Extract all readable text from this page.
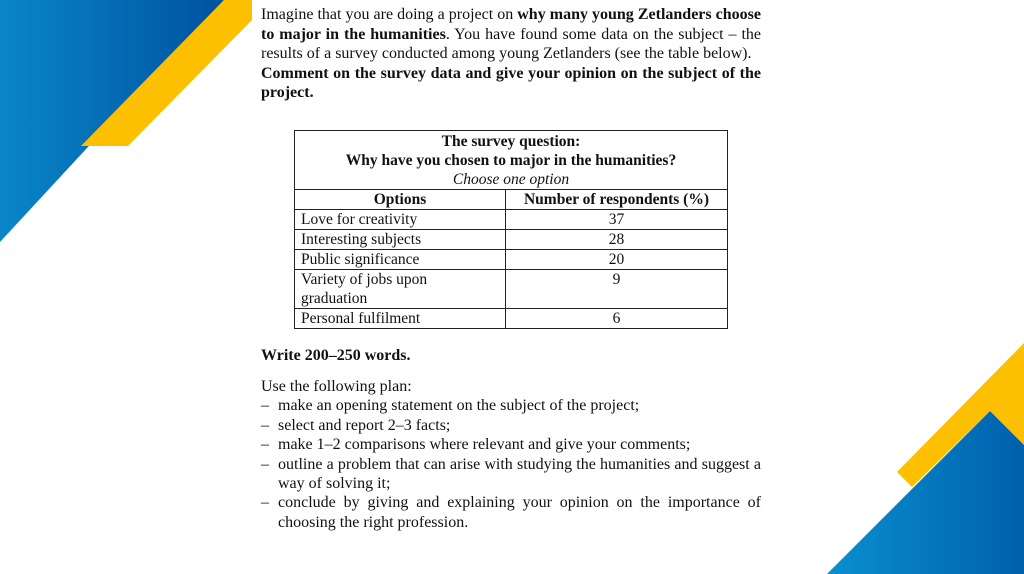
Imagine that you are doing a project on why many young Zetlanders choose to major in the humanities. You have found some data on the subject – the results of a survey conducted among young Zetlanders (see the table below).

Comment on the survey data and give your opinion on the subject of the project.

The survey question:
Why have you chosen to major in the humanities?
Choose one option	
Options	Number of respondents (%)
Love for creativity	37
Interesting subjects	28
Public significance	20
Variety of jobs upon graduation	9
Personal fulfilment	6
Write 200–250 words.
Use the following plan:
– make an opening statement on the subject of the project;
– select and report 2–3 facts;
– make 1–2 comparisons where relevant and give your comments;
– outline a problem that can arise with studying the humanities and suggest a way of solving it;
– conclude by giving and explaining your opinion on the importance of choosing the right profession.
